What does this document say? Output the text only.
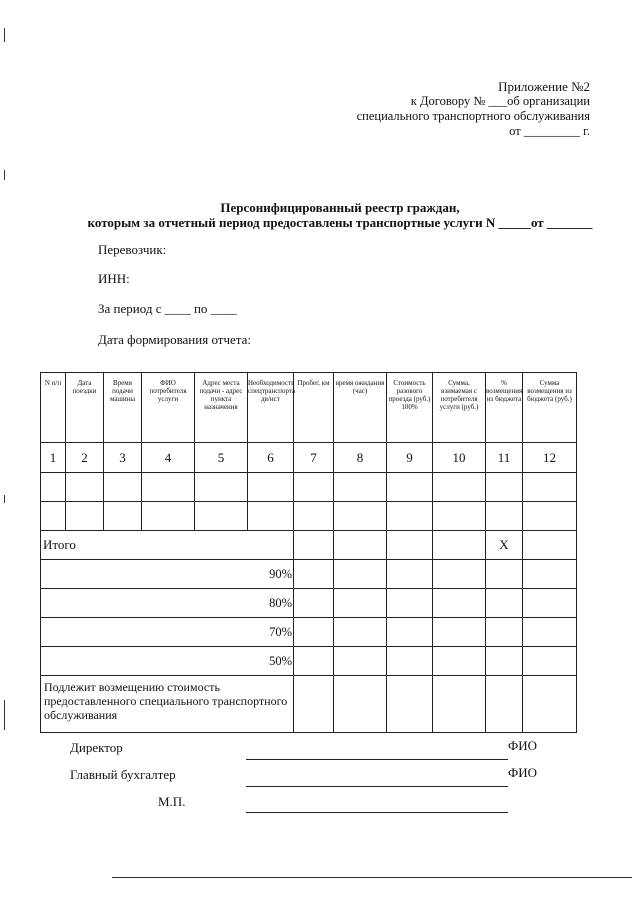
Приложение №2
к Договору № ___об организации
специального транспортного обслуживания
от _________ г.
Персонифицированный реестр граждан,
которым за отчетный период предоставлены транспортные услуги N _____от _______
Перевозчик:
ИНН:
За период с ____ по ____
Дата формирования отчета:
N п/п	Дата поездки	Время подачи машины	ФИО потребителя услуги	Адрес места подачи - адрес пункта назначения	Необходимость спецтранспорта дв/ист	Пробег, км	время ожидания (час)	Стоимость разового проезда (руб.) 100%	Сумма, взимаемая с потребителя услуги (руб.)	% возмещения из бюджета	Сумма возмещения из бюджета (руб.)
1	2	3	4	5	6	7	8	9	10	11	12

Итого										Х	
90%											
80%											
70%											
50%											
Подлежит возмещению стоимость предоставленного специального транспортного обслуживания											
Директор	ФИО
Главный бухгалтер	ФИО
М.П.
